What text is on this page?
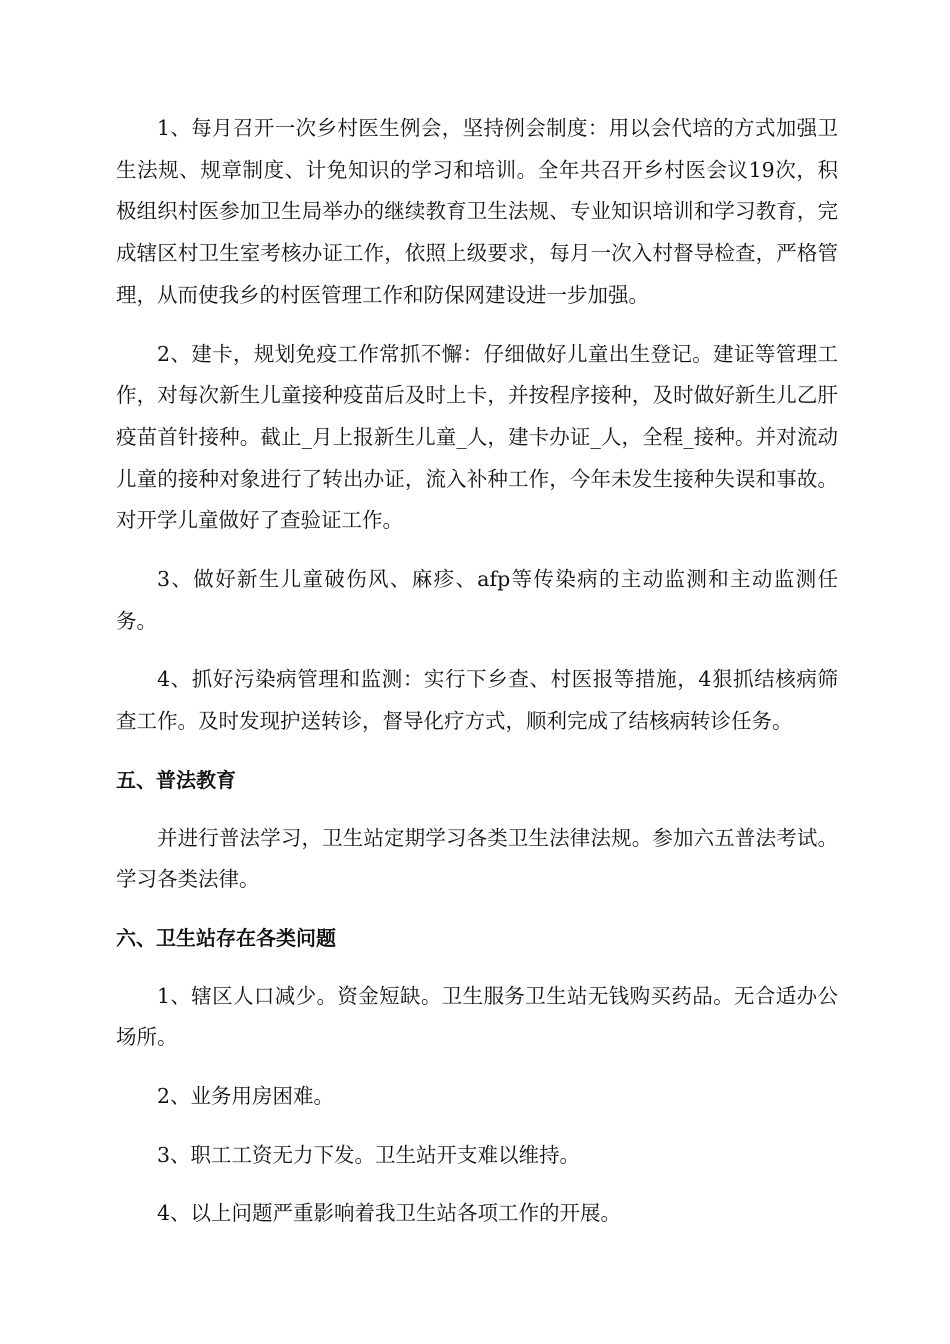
1、每月召开一次乡村医生例会，坚持例会制度：用以会代培的方式加强卫生法规、规章制度、计免知识的学习和培训。全年共召开乡村医会议19次，积极组织村医参加卫生局举办的继续教育卫生法规、专业知识培训和学习教育，完成辖区村卫生室考核办证工作，依照上级要求，每月一次入村督导检查，严格管理，从而使我乡的村医管理工作和防保网建设进一步加强。

2、建卡，规划免疫工作常抓不懈：仔细做好儿童出生登记。建证等管理工作，对每次新生儿童接种疫苗后及时上卡，并按程序接种，及时做好新生儿乙肝疫苗首针接种。截止_月上报新生儿童_人，建卡办证_人，全程_接种。并对流动儿童的接种对象进行了转出办证，流入补种工作，今年未发生接种失误和事故。对开学儿童做好了查验证工作。

3、做好新生儿童破伤风、麻疹、afp等传染病的主动监测和主动监测任务。

4、抓好污染病管理和监测：实行下乡查、村医报等措施，4狠抓结核病筛查工作。及时发现护送转诊，督导化疗方式，顺利完成了结核病转诊任务。

五、普法教育

并进行普法学习，卫生站定期学习各类卫生法律法规。参加六五普法考试。学习各类法律。

六、卫生站存在各类问题

1、辖区人口减少。资金短缺。卫生服务卫生站无钱购买药品。无合适办公场所。

2、业务用房困难。

3、职工工资无力下发。卫生站开支难以维持。

4、以上问题严重影响着我卫生站各项工作的开展。
